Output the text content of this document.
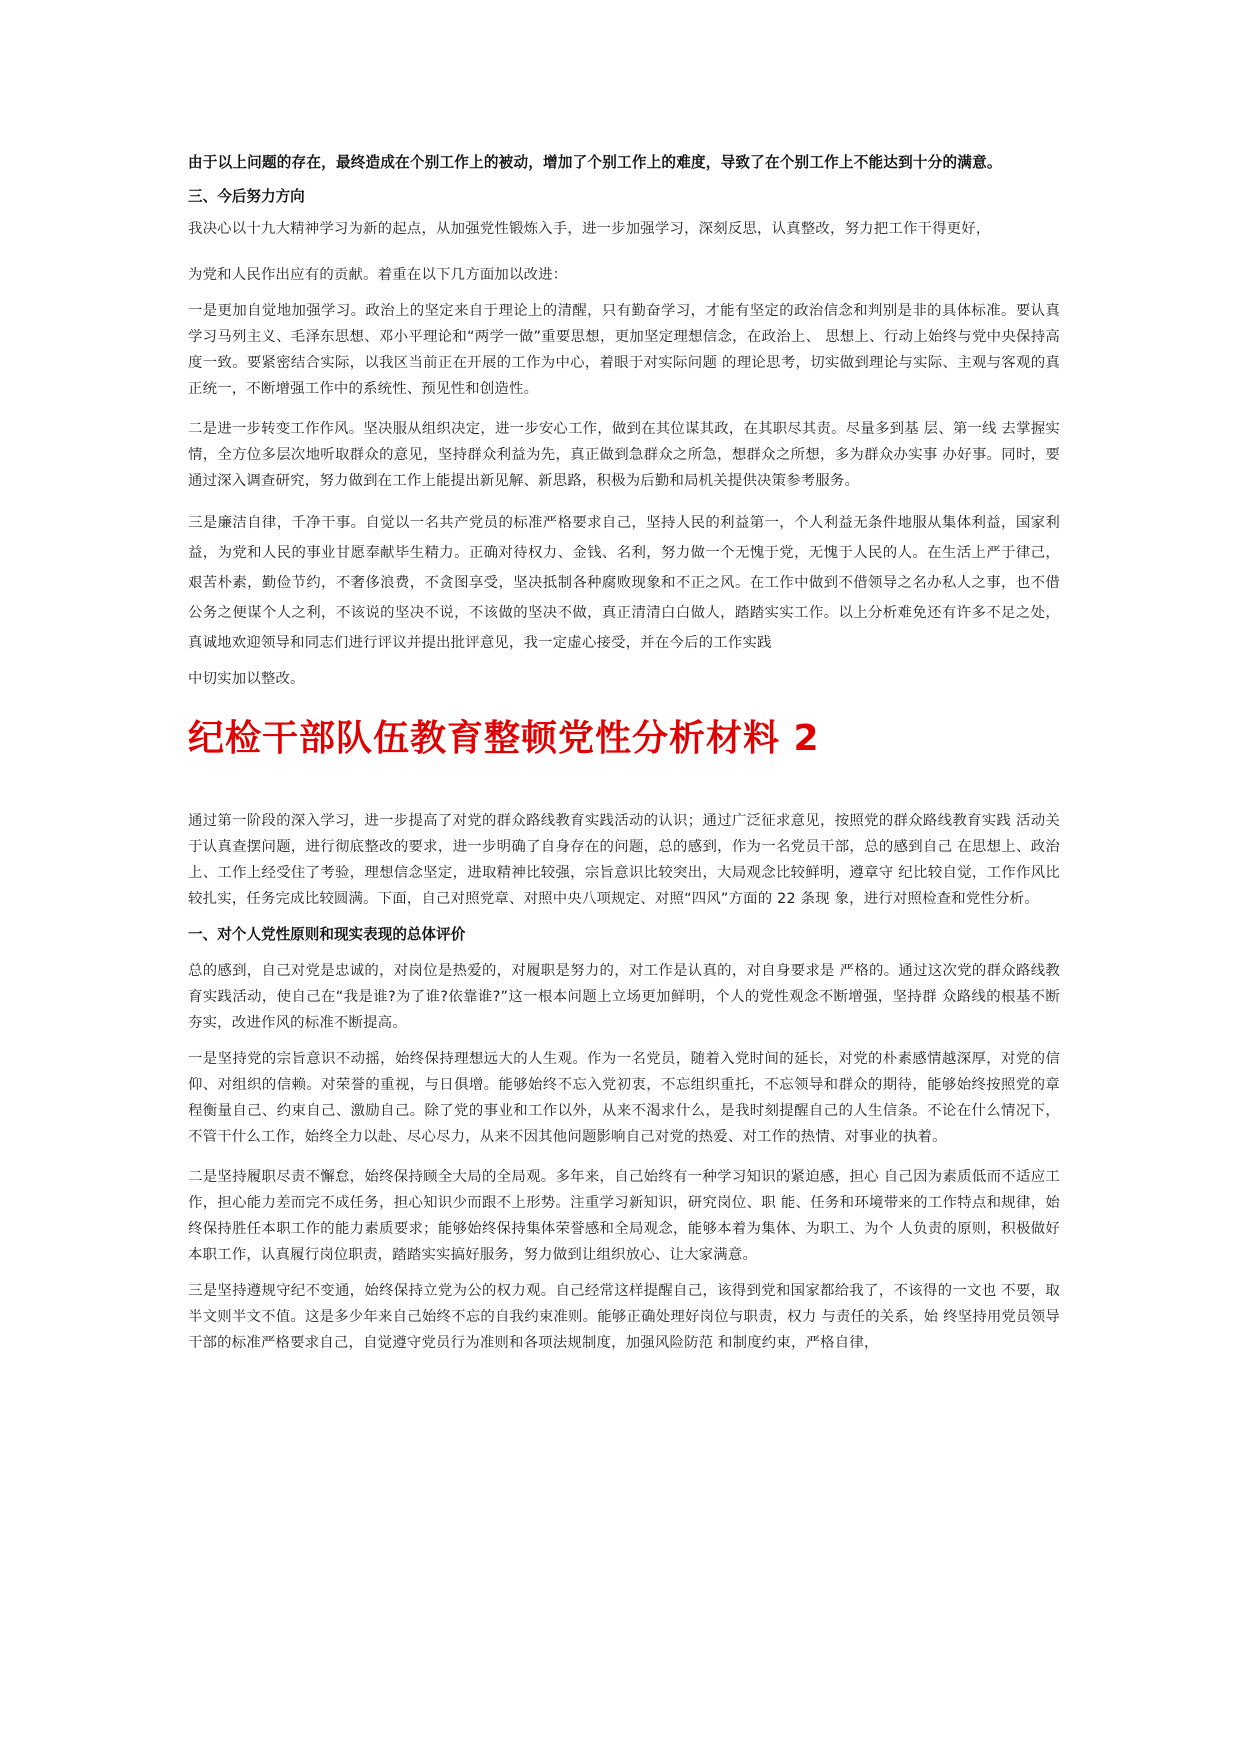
由于以上问题的存在，最终造成在个别工作上的被动，增加了个别工作上的难度，导致了在个别工作上不能达到十分的满意。

三、今后努力方向

我决心以十九大精神学习为新的起点，从加强党性锻炼入手，进一步加强学习，深刻反思，认真整改，努力把工作干得更好，

为党和人民作出应有的贡献。着重在以下几方面加以改进：

一是更加自觉地加强学习。政治上的坚定来自于理论上的清醒，只有勤奋学习，才能有坚定的政治信念和判别是非的具体标准。要认真学习马列主义、毛泽东思想、邓小平理论和“两学一做”重要思想，更加坚定理想信念，在政治上、 思想上、行动上始终与党中央保持高度一致。要紧密结合实际，以我区当前正在开展的工作为中心，着眼于对实际问题 的理论思考，切实做到理论与实际、主观与客观的真正统一，不断增强工作中的系统性、预见性和创造性。

二是进一步转变工作作风。坚决服从组织决定，进一步安心工作，做到在其位谋其政，在其职尽其责。尽量多到基 层、第一线 去掌握实情，全方位多层次地听取群众的意见，坚持群众利益为先，真正做到急群众之所急，想群众之所想，多为群众办实事 办好事。同时，要通过深入调查研究，努力做到在工作上能提出新见解、新思路，积极为后勤和局机关提供决策参考服务。

三是廉洁自律，千净干事。自觉以一名共产党员的标准严格要求自己，坚持人民的利益第一，个人利益无条件地服从集体利益，国家利益，为党和人民的事业甘愿奉献毕生精力。正确对待权力、金钱、名利，努力做一个无愧于党，无愧于人民的人。在生活上严于律己，艰苦朴素，勤俭节约，不奢侈浪费，不贪图享受，坚决抵制各种腐败现象和不正之风。在工作中做到不借领导之名办私人之事，也不借公务之便谋个人之利，不该说的坚决不说，不该做的坚决不做，真正清清白白做人，踏踏实实工作。以上分析难免还有许多不足之处，真诚地欢迎领导和同志们进行评议并提出批评意见，我一定虚心接受，并在今后的工作实践

中切实加以整改。

纪检干部队伍教育整顿党性分析材料 2

通过第一阶段的深入学习，进一步提高了对党的群众路线教育实践活动的认识；通过广泛征求意见，按照党的群众路线教育实践 活动关于认真查摆问题，进行彻底整改的要求，进一步明确了自身存在的问题，总的感到，作为一名党员干部，总的感到自己 在思想上、政治上、工作上经受住了考验，理想信念坚定，进取精神比较强，宗旨意识比较突出，大局观念比较鲜明，遵章守 纪比较自觉，工作作风比较扎实，任务完成比较圆满。下面，自己对照党章、对照中央八项规定、对照“四风”方面的 22 条现 象，进行对照检查和党性分析。

一、对个人党性原则和现实表现的总体评价

总的感到，自己对党是忠诚的，对岗位是热爱的，对履职是努力的，对工作是认真的，对自身要求是 严格的。通过这次党的群众路线教育实践活动，使自己在“我是谁?为了谁?依靠谁?”这一根本问题上立场更加鲜明，个人的党性观念不断增强，坚持群 众路线的根基不断夯实，改进作风的标准不断提高。

一是坚持党的宗旨意识不动摇，始终保持理想远大的人生观。作为一名党员，随着入党时间的延长，对党的朴素感情越深厚，对党的信仰、对组织的信赖。对荣誉的重视，与日俱增。能够始终不忘入党初衷，不忘组织重托，不忘领导和群众的期待，能够始终按照党的章程衡量自己、约束自己、激励自己。除了党的事业和工作以外，从来不渴求什么，是我时刻提醒自己的人生信条。不论在什么情况下，不管干什么工作，始终全力以赴、尽心尽力，从来不因其他问题影响自己对党的热爱、对工作的热情、对事业的执着。

二是坚持履职尽责不懈怠，始终保持顾全大局的全局观。多年来，自己始终有一种学习知识的紧迫感，担心 自己因为素质低而不适应工作，担心能力差而完不成任务，担心知识少而跟不上形势。注重学习新知识，研究岗位、职 能、任务和环境带来的工作特点和规律，始终保持胜任本职工作的能力素质要求；能够始终保持集体荣誉感和全局观念，能够本着为集体、为职工、为个 人负责的原则，积极做好本职工作，认真履行岗位职责，踏踏实实搞好服务，努力做到让组织放心、让大家满意。

三是坚持遵规守纪不变通，始终保持立党为公的权力观。自己经常这样提醒自己，该得到党和国家都给我了，不该得的一文也 不要，取半文则半文不值。这是多少年来自己始终不忘的自我约束准则。能够正确处理好岗位与职责，权力 与责任的关系，始 终坚持用党员领导干部的标准严格要求自己，自觉遵守党员行为准则和各项法规制度，加强风险防范 和制度约束，严格自律，
